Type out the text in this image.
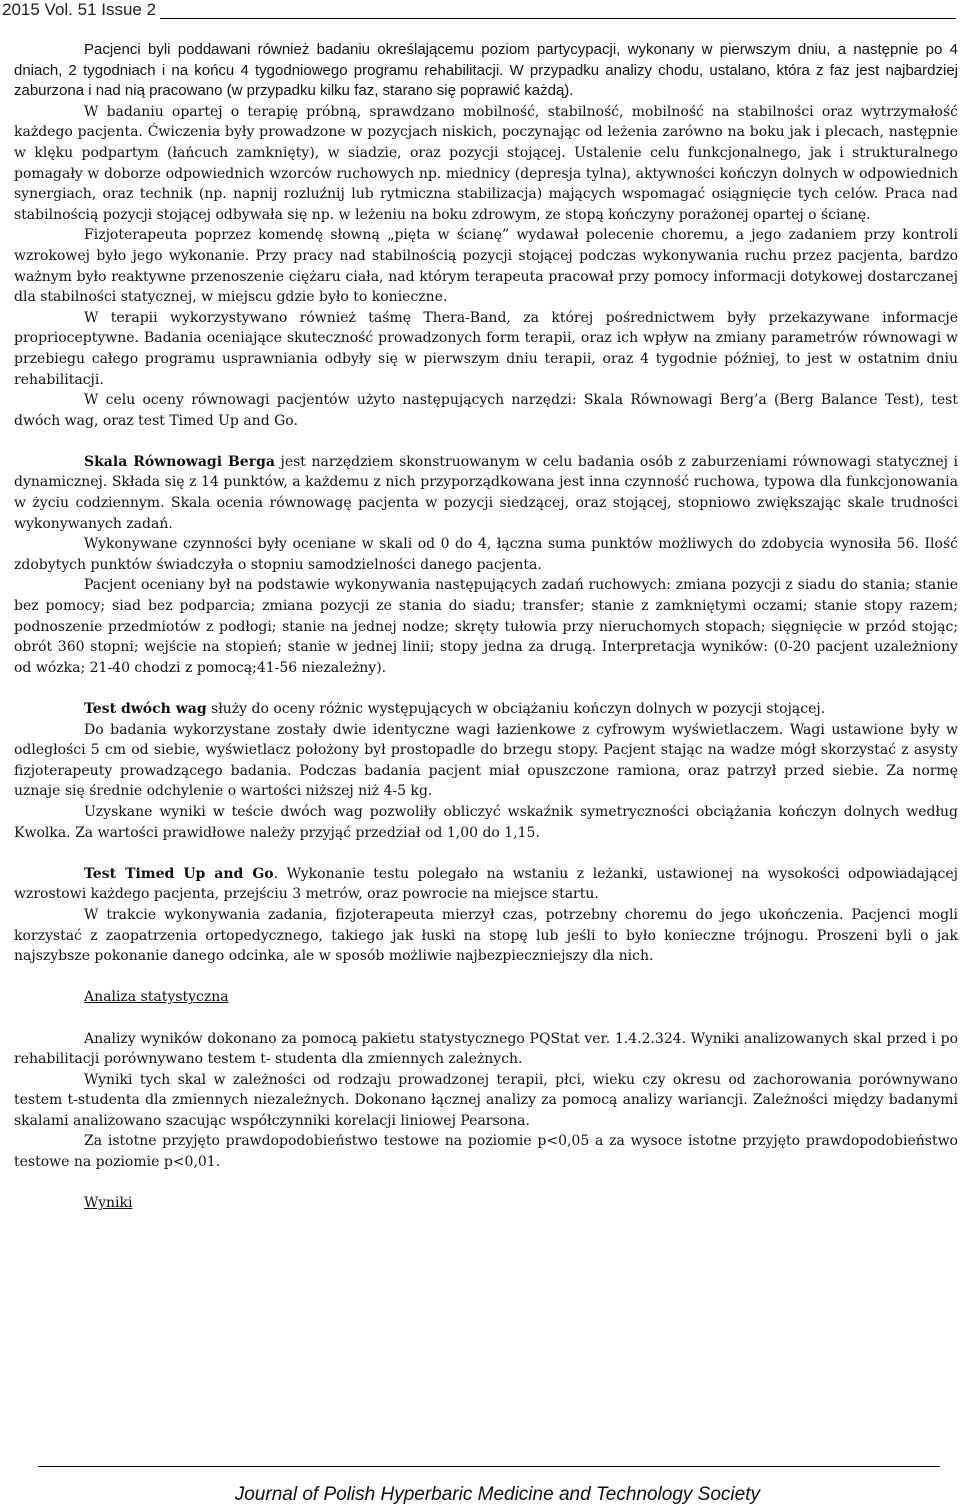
2015 Vol. 51 Issue 2

Pacjenci byli poddawani również badaniu określającemu poziom partycypacji, wykonany w pierwszym dniu, a następnie po 4 dniach, 2 tygodniach i na końcu 4 tygodniowego programu rehabilitacji. W przypadku analizy chodu, ustalano, która z faz jest najbardziej zaburzona i nad nią pracowano (w przypadku kilku faz, starano się poprawić każdą).

W badaniu opartej o terapię próbną, sprawdzano mobilność, stabilność, mobilność na stabilności oraz wytrzymałość każdego pacjenta. Ćwiczenia były prowadzone w pozycjach niskich, poczynając od leżenia zarówno na boku jak i plecach, następnie w klęku podpartym (łańcuch zamknięty), w siadzie, oraz pozycji stojącej. Ustalenie celu funkcjonalnego, jak i strukturalnego pomagały w doborze odpowiednich wzorców ruchowych np. miednicy (depresja tylna), aktywności kończyn dolnych w odpowiednich synergiach, oraz technik (np. napnij rozluźnij lub rytmiczna stabilizacja) mających wspomagać osiągnięcie tych celów. Praca nad stabilnością pozycji stojącej odbywała się np. w leżeniu na boku zdrowym, ze stopą kończyny porażonej opartej o ścianę.

Fizjoterapeuta poprzez komendę słowną „pięta w ścianę” wydawał polecenie choremu, a jego zadaniem przy kontroli wzrokowej było jego wykonanie. Przy pracy nad stabilnością pozycji stojącej podczas wykonywania ruchu przez pacjenta, bardzo ważnym było reaktywne przenoszenie ciężaru ciała, nad którym terapeuta pracował przy pomocy informacji dotykowej dostarczanej dla stabilności statycznej, w miejscu gdzie było to konieczne.

W terapii wykorzystywano również taśmę Thera-Band, za której pośrednictwem były przekazywane informacje proprioceptywne. Badania oceniające skuteczność prowadzonych form terapii, oraz ich wpływ na zmiany parametrów równowagi w przebiegu całego programu usprawniania odbyły się w pierwszym dniu terapii, oraz 4 tygodnie później, to jest w ostatnim dniu rehabilitacji.

W celu oceny równowagi pacjentów użyto następujących narzędzi: Skala Równowagi Berg’a (Berg Balance Test), test dwóch wag, oraz test Timed Up and Go.

Skala Równowagi Berga jest narzędziem skonstruowanym w celu badania osób z zaburzeniami równowagi statycznej i dynamicznej. Składa się z 14 punktów, a każdemu z nich przyporządkowana jest inna czynność ruchowa, typowa dla funkcjonowania w życiu codziennym. Skala ocenia równowagę pacjenta w pozycji siedzącej, oraz stojącej, stopniowo zwiększając skale trudności wykonywanych zadań.

Wykonywane czynności były oceniane w skali od 0 do 4, łączna suma punktów możliwych do zdobycia wynosiła 56. Ilość zdobytych punktów świadczyła o stopniu samodzielności danego pacjenta.

Pacjent oceniany był na podstawie wykonywania następujących zadań ruchowych: zmiana pozycji z siadu do stania; stanie bez pomocy; siad bez podparcia; zmiana pozycji ze stania do siadu; transfer; stanie z zamkniętymi oczami; stanie stopy razem; podnoszenie przedmiotów z podłogi; stanie na jednej nodze; skręty tułowia przy nieruchomych stopach; sięgnięcie w przód stojąc; obrót 360 stopni; wejście na stopień; stanie w jednej linii; stopy jedna za drugą. Interpretacja wyników: (0-20 pacjent uzależniony od wózka; 21-40 chodzi z pomocą;41-56 niezależny).

Test dwóch wag służy do oceny różnic występujących w obciążaniu kończyn dolnych w pozycji stojącej.

Do badania wykorzystane zostały dwie identyczne wagi łazienkowe z cyfrowym wyświetlaczem. Wagi ustawione były w odległości 5 cm od siebie, wyświetlacz położony był prostopadle do brzegu stopy. Pacjent stając na wadze mógł skorzystać z asysty fizjoterapeuty prowadzącego badania. Podczas badania pacjent miał opuszczone ramiona, oraz patrzył przed siebie. Za normę uznaje się średnie odchylenie o wartości niższej niż 4-5 kg.

Uzyskane wyniki w teście dwóch wag pozwoliły obliczyć wskaźnik symetryczności obciążania kończyn dolnych według Kwolka. Za wartości prawidłowe należy przyjąć przedział od 1,00 do 1,15.

Test Timed Up and Go. Wykonanie testu polegało na wstaniu z leżanki, ustawionej na wysokości odpowiadającej wzrostowi każdego pacjenta, przejściu 3 metrów, oraz powrocie na miejsce startu.

W trakcie wykonywania zadania, fizjoterapeuta mierzył czas, potrzebny choremu do jego ukończenia. Pacjenci mogli korzystać z zaopatrzenia ortopedycznego, takiego jak łuski na stopę lub jeśli to było konieczne trójnogu. Proszeni byli o jak najszybsze pokonanie danego odcinka, ale w sposób możliwie najbezpieczniejszy dla nich.

Analiza statystyczna

Analizy wyników dokonano za pomocą pakietu statystycznego PQStat ver. 1.4.2.324. Wyniki analizowanych skal przed i po rehabilitacji porównywano testem t- studenta dla zmiennych zależnych.

Wyniki tych skal w zależności od rodzaju prowadzonej terapii, płci, wieku czy okresu od zachorowania porównywano testem t-studenta dla zmiennych niezależnych. Dokonano łącznej analizy za pomocą analizy wariancji. Zależności między badanymi skalami analizowano szacując współczynniki korelacji liniowej Pearsona.

Za istotne przyjęto prawdopodobieństwo testowe na poziomie p<0,05 a za wysoce istotne przyjęto prawdopodobieństwo testowe na poziomie p<0,01.

Wyniki

Journal of Polish Hyperbaric Medicine and Technology Society
